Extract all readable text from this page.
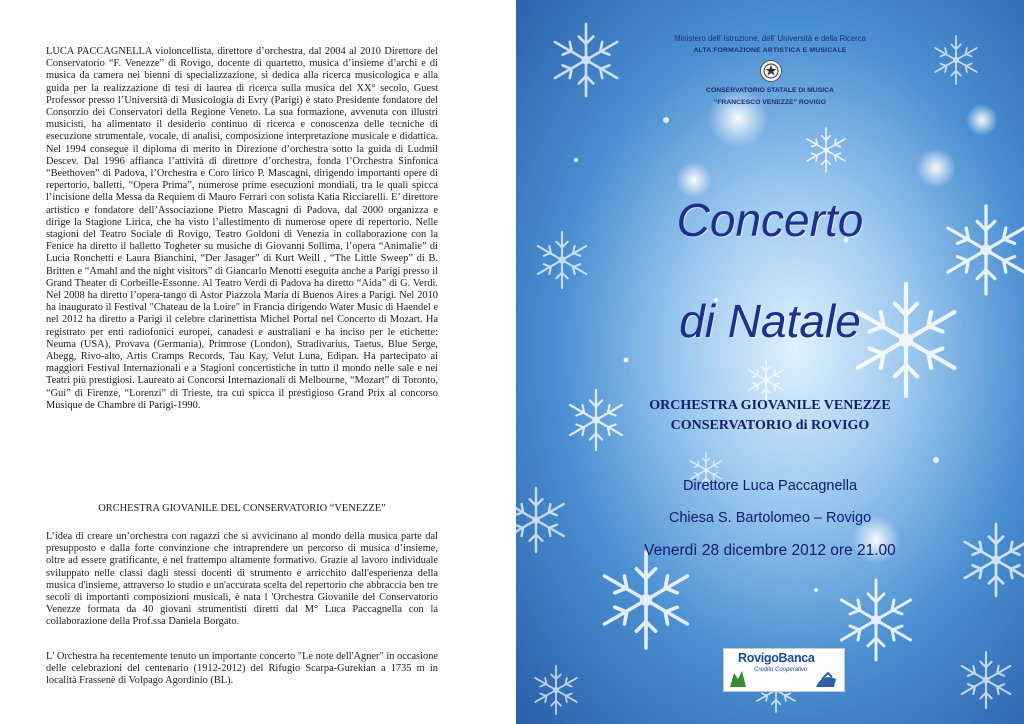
LUCA PACCAGNELLA violoncellista, direttore d’orchestra, dal 2004 al 2010 Direttore del Conservatorio “F. Venezze” di Rovigo, docente di quartetto, musica d’insieme d’archi e di musica da camera nei bienni di specializzazione, si dedica alla ricerca musicologica e alla guida per la realizzazione di tesi di laurea di ricerca sulla musica del XX° secolo, Guest Professor presso l’Università di Musicologia di Evry (Parigi) è stato Presidente fondatore del Consorzio dei Conservatori della Regione Veneto. La sua formazione, avvenuta con illustri musicisti, ha alimentato il desiderio continuo di ricerca e conoscenza delle tecniche di esecuzione strumentale, vocale, di analisi, composizione interpretazione musicale e didattica. Nel 1994 consegue il diploma di merito in Direzione d’orchestra sotto la guida di Ludmil Descev. Dal 1996 affianca l’attività di direttore d’orchestra, fonda l’Orchestra Sinfonica “Beethoven” di Padova, l’Orchestra e Coro lirico P. Mascagni, dirigendo importanti opere di repertorio, balletti, “Opera Prima”, numerose prime esecuzioni mondiali, tra le quali spicca l’incisione della Messa da Requiem di Mauro Ferrari con solista Katia Ricciarelli. E’ direttore artistico e fondatore dell’Associazione Pietro Mascagni di Padova, dal 2000 organizza e dirige la Stagione Lirica, che ha visto l’allestimento di numerose opere di repertorio. Nelle stagioni del Teatro Sociale di Rovigo, Teatro Goldoni di Venezia in collaborazione con la Fenice ha diretto il balletto Togheter su musiche di Giovanni Sollima, l’opera “Animalie” di Lucia Ronchetti e Laura Bianchini, “Der Jasager” di Kurt Weill , “The Little Sweep” di B. Britten e “Amahl and the night visitors” di Giancarlo Menotti eseguita anche a Parigi presso il Grand Theater di Corbeille-Essonne. Al Teatro Verdi di Padova ha diretto “Aida” di G. Verdi. Nel 2008 ha diretto l’opera-tango di Astor Piazzola Maria di Buenos Aires a Parigi. Nel 2010 ha inaugurato il Festival "Chateau de la Loire" in Francia dirigendo Water Music di Haendel e nel 2012 ha diretto a Parigi il celebre clarinettista Michel Portal nel Concerto di Mozart. Ha registrato per enti radiofonici europei, canadesi e australiani e ha inciso per le etichette: Neuma (USA), Provava (Germania), Primrose (London), Stradivarius, Taetus, Blue Serge, Abegg, Rivo-alto, Artis Cramps Records, Tau Kay, Velut Luna, Edipan. Ha partecipato ai maggiori Festival Internazionali e a Stagioni concertistiche in tutto il mondo nelle sale e nei Teatri più prestigiosi. Laureato ai Concorsi Internazionali di Melbourne, “Mozart” di Toronto, “Gui” di Firenze, “Lorenzi” di Trieste, tra cui spicca il prestigioso Grand Prix al concorso Musique de Chambre di Parigi-1990.

ORCHESTRA GIOVANILE DEL CONSERVATORIO “VENEZZE”

L’idea di creare un’orchestra con ragazzi che si avvicinano al mondo della musica parte dal presupposto e dalla forte convinzione che intraprendere un percorso di musica d’insieme, oltre ad essere gratificante, è nel frattempo altamente formativo. Grazie al lavoro individuale sviluppato nelle classi dagli stessi docenti di strumento e arricchito dall'esperienza della musica d'insieme, attraverso lo studio e un'accurata scelta del repertorio che abbraccia ben tre secoli di importanti composizioni musicali, è nata l 'Orchestra Giovanile del Conservatorio Venezze formata da 40 giovani strumentisti diretti dal M° Luca Paccagnella con la collaborazione della Prof.ssa Daniela Borgato.

L' Orchestra ha recentemente tenuto un importante concerto "Le note dell'Agner" in occasione delle celebrazioni del centenario (1912-2012) del Rifugio Scarpa-Gurekian a 1735 m in località Frassenè di Volpago Agordinio (BL).

Ministero dell’ Istruzione, dell’ Università e della Ricerca
ALTA FORMAZIONE ARTISTICA E MUSICALE
CONSERVATORIO STATALE DI MUSICA
“FRANCESCO VENEZZE” ROVIGO
Concerto
di Natale
ORCHESTRA GIOVANILE VENEZZE
CONSERVATORIO di ROVIGO
Direttore Luca Paccagnella
Chiesa S. Bartolomeo – Rovigo
Venerdì 28 dicembre 2012 ore 21.00
RovigoBanca
Credito Cooperativo
